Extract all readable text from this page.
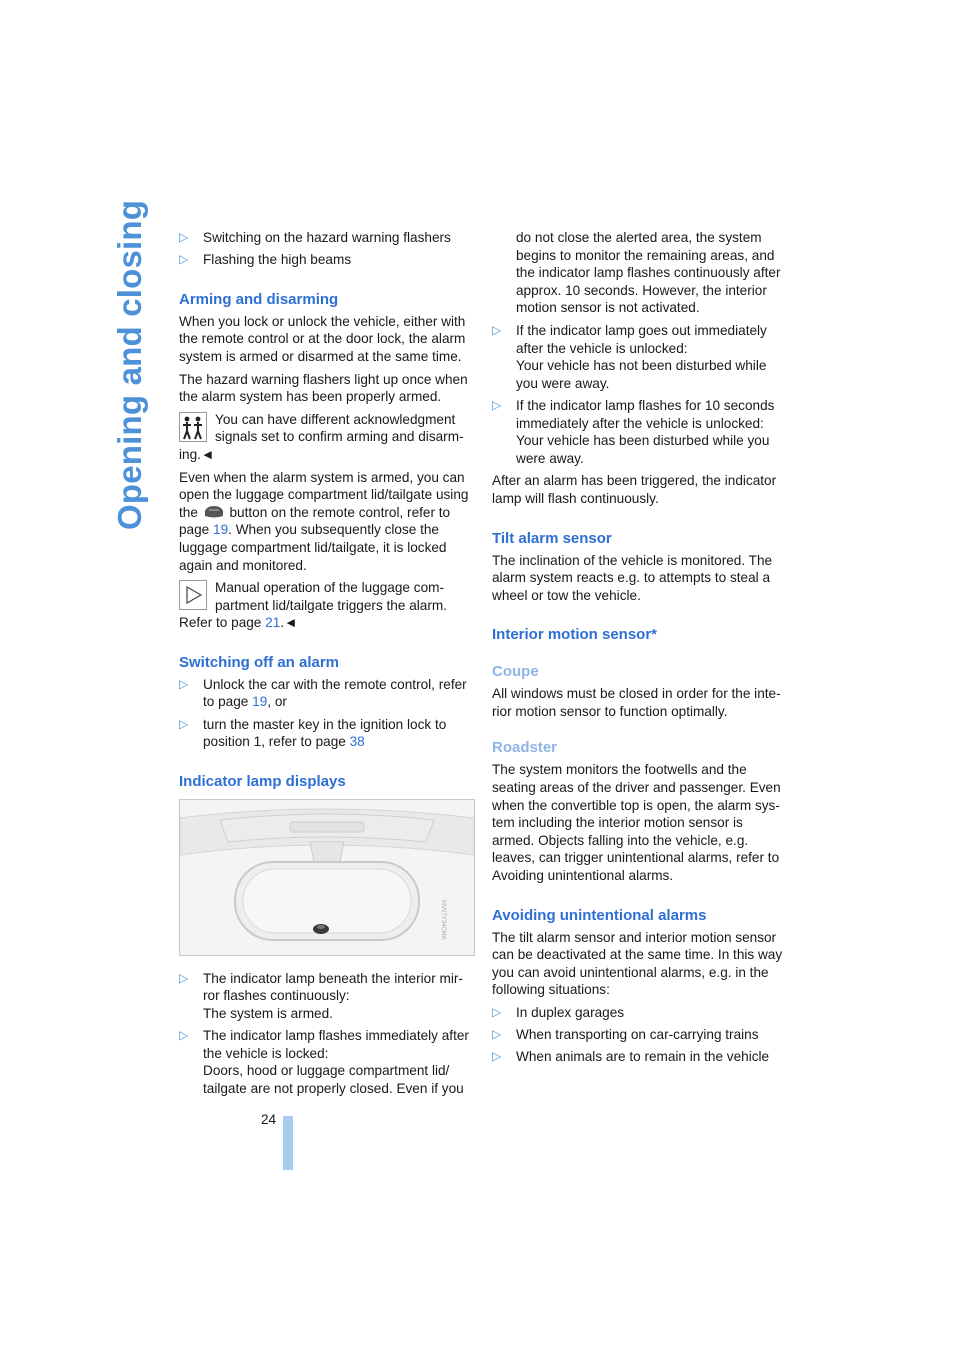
Opening and closing	▷ Switching on the hazard warning flashers
▷ Flashing the high beams
Arming and disarming

When you lock or unlock the vehicle, either with the remote control or at the door lock, the alarm system is armed or disarmed at the same time.

The hazard warning flashers light up once when the alarm system has been properly armed.

You can have different acknowledgment signals set to confirm arming and disarm-ing.◄

Even when the alarm system is armed, you can open the luggage compartment lid/tailgate using the button on the remote control, refer to page 19. When you subsequently close the luggage compartment lid/tailgate, it is locked again and monitored.

Manual operation of the luggage com-partment lid/tailgate triggers the alarm. Refer to page 21.◄
Switching off an alarm
▷ Unlock the car with the remote control, refer to page 19, or
▷ turn the master key in the ignition lock to position 1, refer to page 38
Indicator lamp displays
MV07Y34CMA
▷ The indicator lamp beneath the interior mir-ror flashes continuously:
The system is armed.
▷ The indicator lamp flashes immediately after the vehicle is locked:
Doors, hood or luggage compartment lid/ tailgate are not properly closed. Even if you

do not close the alerted area, the system begins to monitor the remaining areas, and the indicator lamp flashes continuously after approx. 10 seconds. However, the interior motion sensor is not activated.

▷ If the indicator lamp goes out immediately after the vehicle is unlocked:
Your vehicle has not been disturbed while you were away.
▷ If the indicator lamp flashes for 10 seconds immediately after the vehicle is unlocked:
Your vehicle has been disturbed while you were away.

After an alarm has been triggered, the indicator lamp will flash continuously.

Tilt alarm sensor

The inclination of the vehicle is monitored. The alarm system reacts e.g. to attempts to steal a wheel or tow the vehicle.

Interior motion sensor*
Coupe

All windows must be closed in order for the inte-rior motion sensor to function optimally.

Roadster

The system monitors the footwells and the seating areas of the driver and passenger. Even when the convertible top is open, the alarm sys-tem including the interior motion sensor is armed. Objects falling into the vehicle, e.g. leaves, can trigger unintentional alarms, refer to Avoiding unintentional alarms.

Avoiding unintentional alarms

The tilt alarm sensor and interior motion sensor can be deactivated at the same time. In this way you can avoid unintentional alarms, e.g. in the following situations:

▷ In duplex garages
▷ When transporting on car-carrying trains
▷ When animals are to remain in the vehicle
24
